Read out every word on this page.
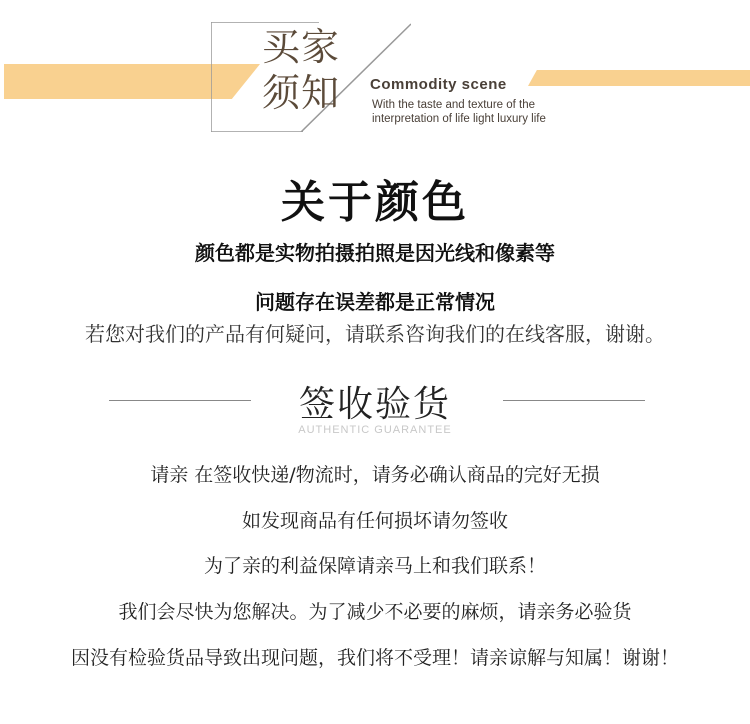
买家
须知	Commodity scene
With the taste and texture of the
interpretation of life light luxury life
关于颜色
颜色都是实物拍摄拍照是因光线和像素等
问题存在误差都是正常情况
若您对我们的产品有何疑问，请联系咨询我们的在线客服，谢谢。
签收验货
AUTHENTIC GUARANTEE
请亲 在签收快递/物流时，请务必确认商品的完好无损
如发现商品有任何损坏请勿签收
为了亲的利益保障请亲马上和我们联系！
我们会尽快为您解决。为了减少不必要的麻烦，请亲务必验货
因没有检验货品导致出现问题，我们将不受理！请亲谅解与知属！谢谢！
